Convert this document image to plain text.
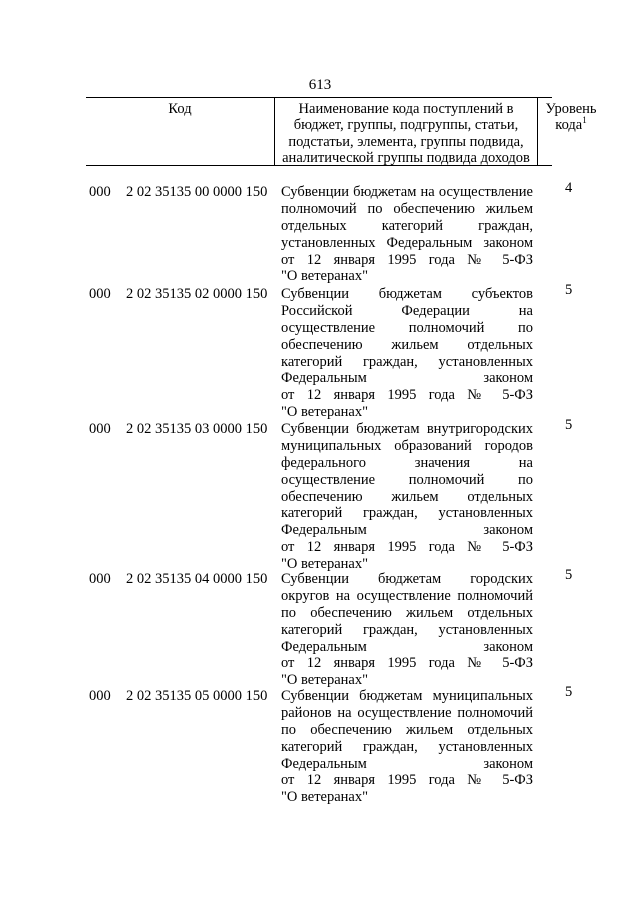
613
Код	Наименование кода поступлений в
бюджет, группы, подгруппы, статьи,
подстатьи, элемента, группы подвида,
аналитической группы подвида доходов
Уровень
кода$^1$
000 2 02 35135 00 0000 150 Субвенции бюджетам на осуществление
полномочий по обеспечению жильем
отдельных категорий граждан,
установленных Федеральным законом
от 12 января 1995 года № 5-ФЗ
"О ветеранах"
4
000 2 02 35135 02 0000 150 Субвенции бюджетам субъектов
Российской Федерации на
осуществление полномочий по
обеспечению жильем отдельных
категорий граждан, установленных
Федеральным законом
от 12 января 1995 года № 5-ФЗ
"О ветеранах"
5
000 2 02 35135 03 0000 150 Субвенции бюджетам внутригородских
муниципальных образований городов
федерального значения на
осуществление полномочий по
обеспечению жильем отдельных
категорий граждан, установленных
Федеральным законом
от 12 января 1995 года № 5-ФЗ
"О ветеранах"
5
000 2 02 35135 04 0000 150 Субвенции бюджетам городских
округов на осуществление полномочий
по обеспечению жильем отдельных
категорий граждан, установленных
Федеральным законом
от 12 января 1995 года № 5-ФЗ
"О ветеранах"
5
000 2 02 35135 05 0000 150 Субвенции бюджетам муниципальных
районов на осуществление полномочий
по обеспечению жильем отдельных
категорий граждан, установленных
Федеральным законом
от 12 января 1995 года № 5-ФЗ
"О ветеранах"
5
